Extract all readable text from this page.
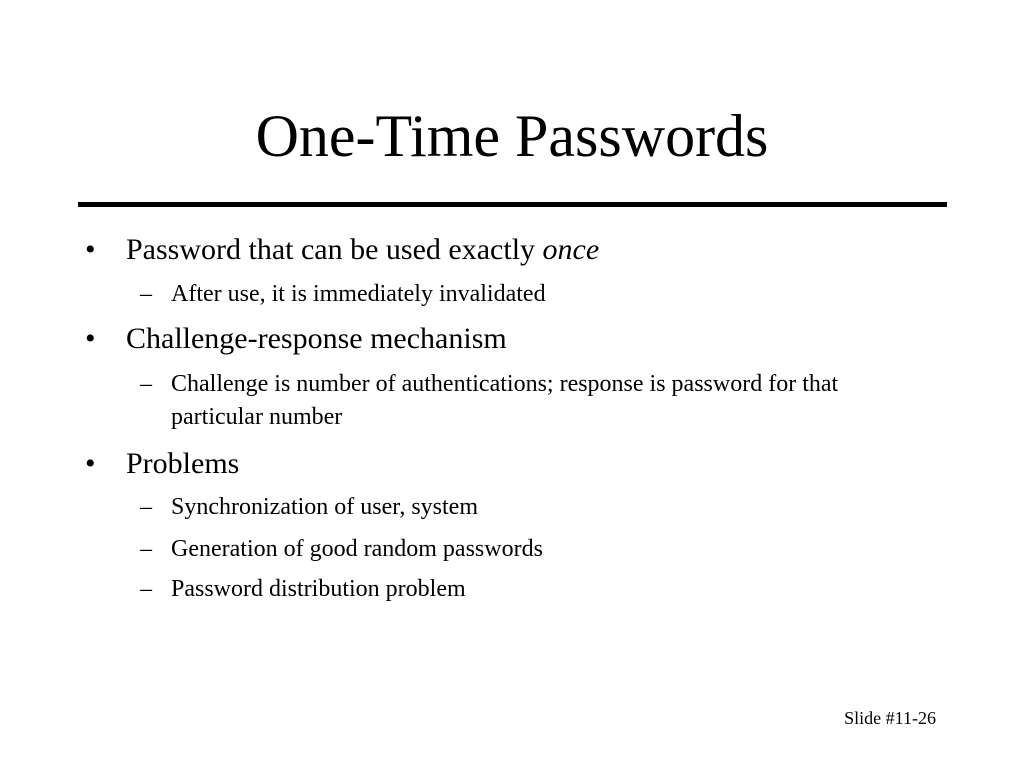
One-Time Passwords
•	Password that can be used exactly once
– After use, it is immediately invalidated
•	Challenge-response mechanism
– Challenge is number of authentications; response is password for that particular number
•	Problems
– Synchronization of user, system
– Generation of good random passwords
– Password distribution problem
Slide #11-26
